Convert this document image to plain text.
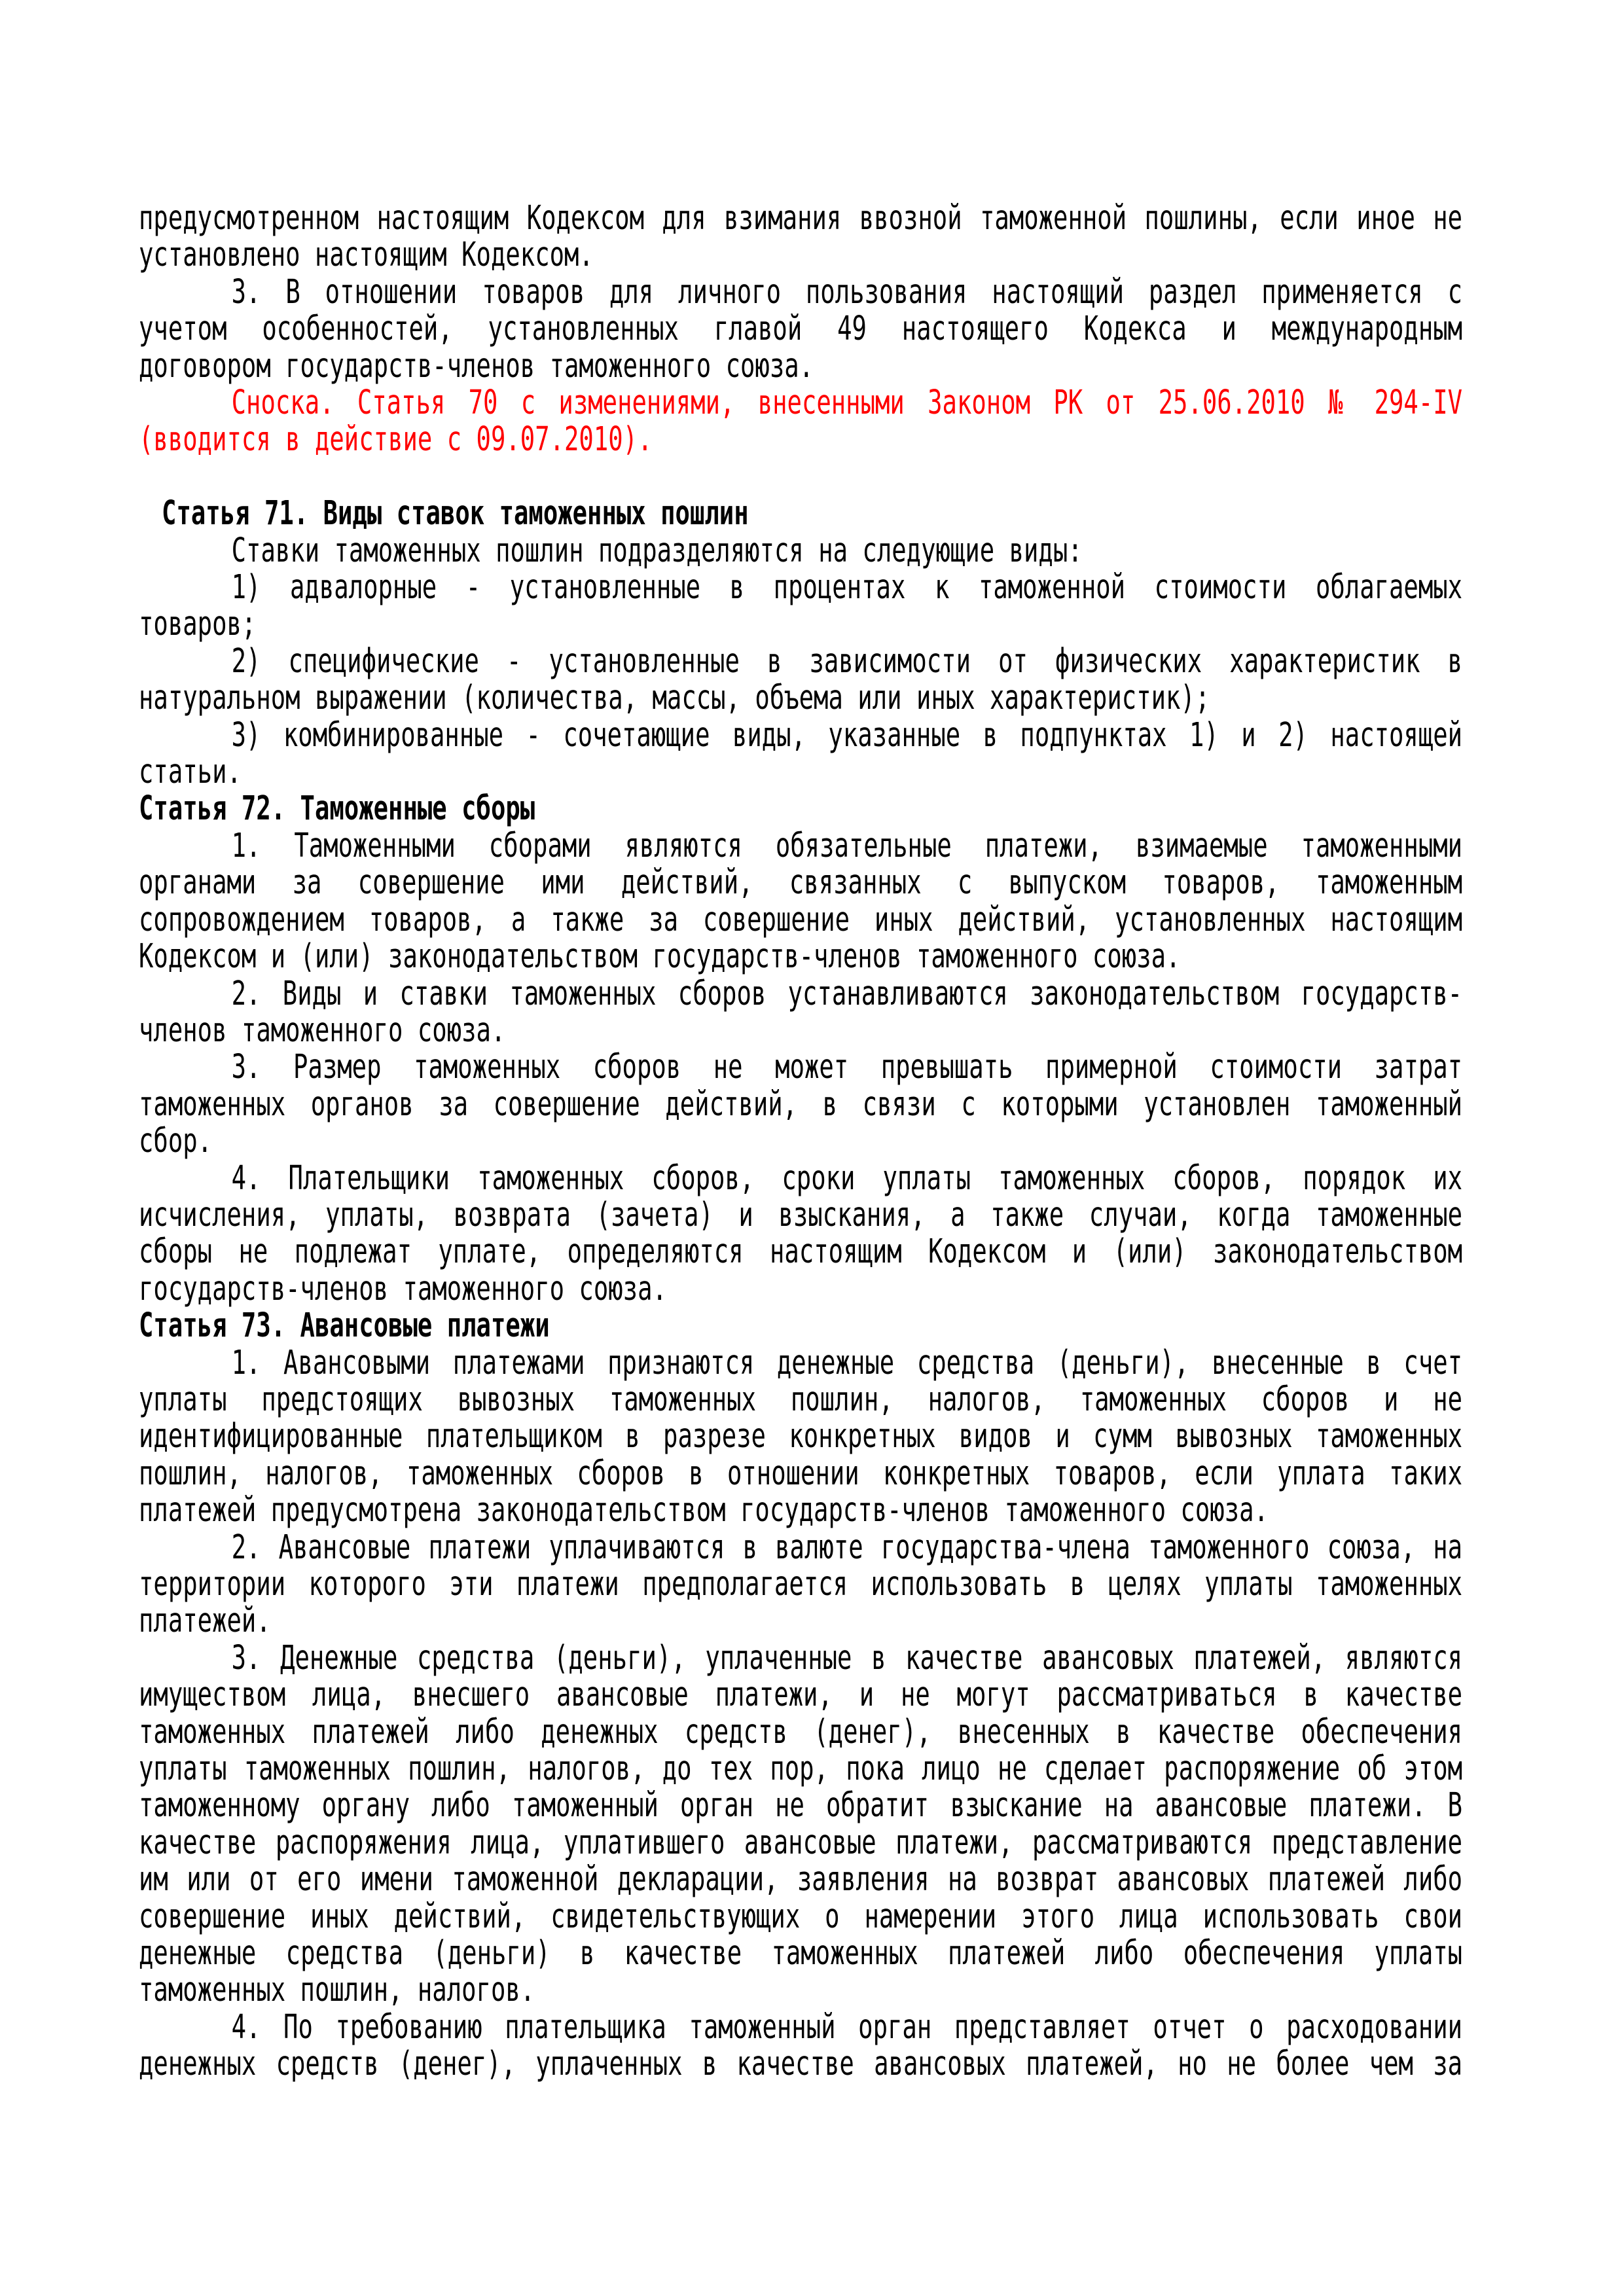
предусмотренном настоящим Кодексом для взимания ввозной таможенной пошлины, если иное не
установлено настоящим Кодексом.
3. В отношении товаров для личного пользования настоящий раздел применяется с
учетом особенностей, установленных главой 49 настоящего Кодекса и международным
договором государств-членов таможенного союза.
Сноска. Статья 70 с изменениями, внесенными Законом РК от 25.06.2010 № 294-IV
(вводится в действие с 09.07.2010).
Статья 71. Виды ставок таможенных пошлин
Ставки таможенных пошлин подразделяются на следующие виды:
1) адвалорные - установленные в процентах к таможенной стоимости облагаемых
товаров;
2) специфические - установленные в зависимости от физических характеристик в
натуральном выражении (количества, массы, объема или иных характеристик);
3) комбинированные - сочетающие виды, указанные в подпунктах 1) и 2) настоящей
статьи.
Статья 72. Таможенные сборы
1. Таможенными сборами являются обязательные платежи, взимаемые таможенными
органами за совершение ими действий, связанных с выпуском товаров, таможенным
сопровождением товаров, а также за совершение иных действий, установленных настоящим
Кодексом и (или) законодательством государств-членов таможенного союза.
2. Виды и ставки таможенных сборов устанавливаются законодательством государств-
членов таможенного союза.
3. Размер таможенных сборов не может превышать примерной стоимости затрат
таможенных органов за совершение действий, в связи с которыми установлен таможенный
сбор.
4. Плательщики таможенных сборов, сроки уплаты таможенных сборов, порядок их
исчисления, уплаты, возврата (зачета) и взыскания, а также случаи, когда таможенные
сборы не подлежат уплате, определяются настоящим Кодексом и (или) законодательством
государств-членов таможенного союза.
Статья 73. Авансовые платежи
1. Авансовыми платежами признаются денежные средства (деньги), внесенные в счет
уплаты предстоящих вывозных таможенных пошлин, налогов, таможенных сборов и не
идентифицированные плательщиком в разрезе конкретных видов и сумм вывозных таможенных
пошлин, налогов, таможенных сборов в отношении конкретных товаров, если уплата таких
платежей предусмотрена законодательством государств-членов таможенного союза.
2. Авансовые платежи уплачиваются в валюте государства-члена таможенного союза, на
территории которого эти платежи предполагается использовать в целях уплаты таможенных
платежей.
3. Денежные средства (деньги), уплаченные в качестве авансовых платежей, являются
имуществом лица, внесшего авансовые платежи, и не могут рассматриваться в качестве
таможенных платежей либо денежных средств (денег), внесенных в качестве обеспечения
уплаты таможенных пошлин, налогов, до тех пор, пока лицо не сделает распоряжение об этом
таможенному органу либо таможенный орган не обратит взыскание на авансовые платежи. В
качестве распоряжения лица, уплатившего авансовые платежи, рассматриваются представление
им или от его имени таможенной декларации, заявления на возврат авансовых платежей либо
совершение иных действий, свидетельствующих о намерении этого лица использовать свои
денежные средства (деньги) в качестве таможенных платежей либо обеспечения уплаты
таможенных пошлин, налогов.
4. По требованию плательщика таможенный орган представляет отчет о расходовании
денежных средств (денег), уплаченных в качестве авансовых платежей, но не более чем за
